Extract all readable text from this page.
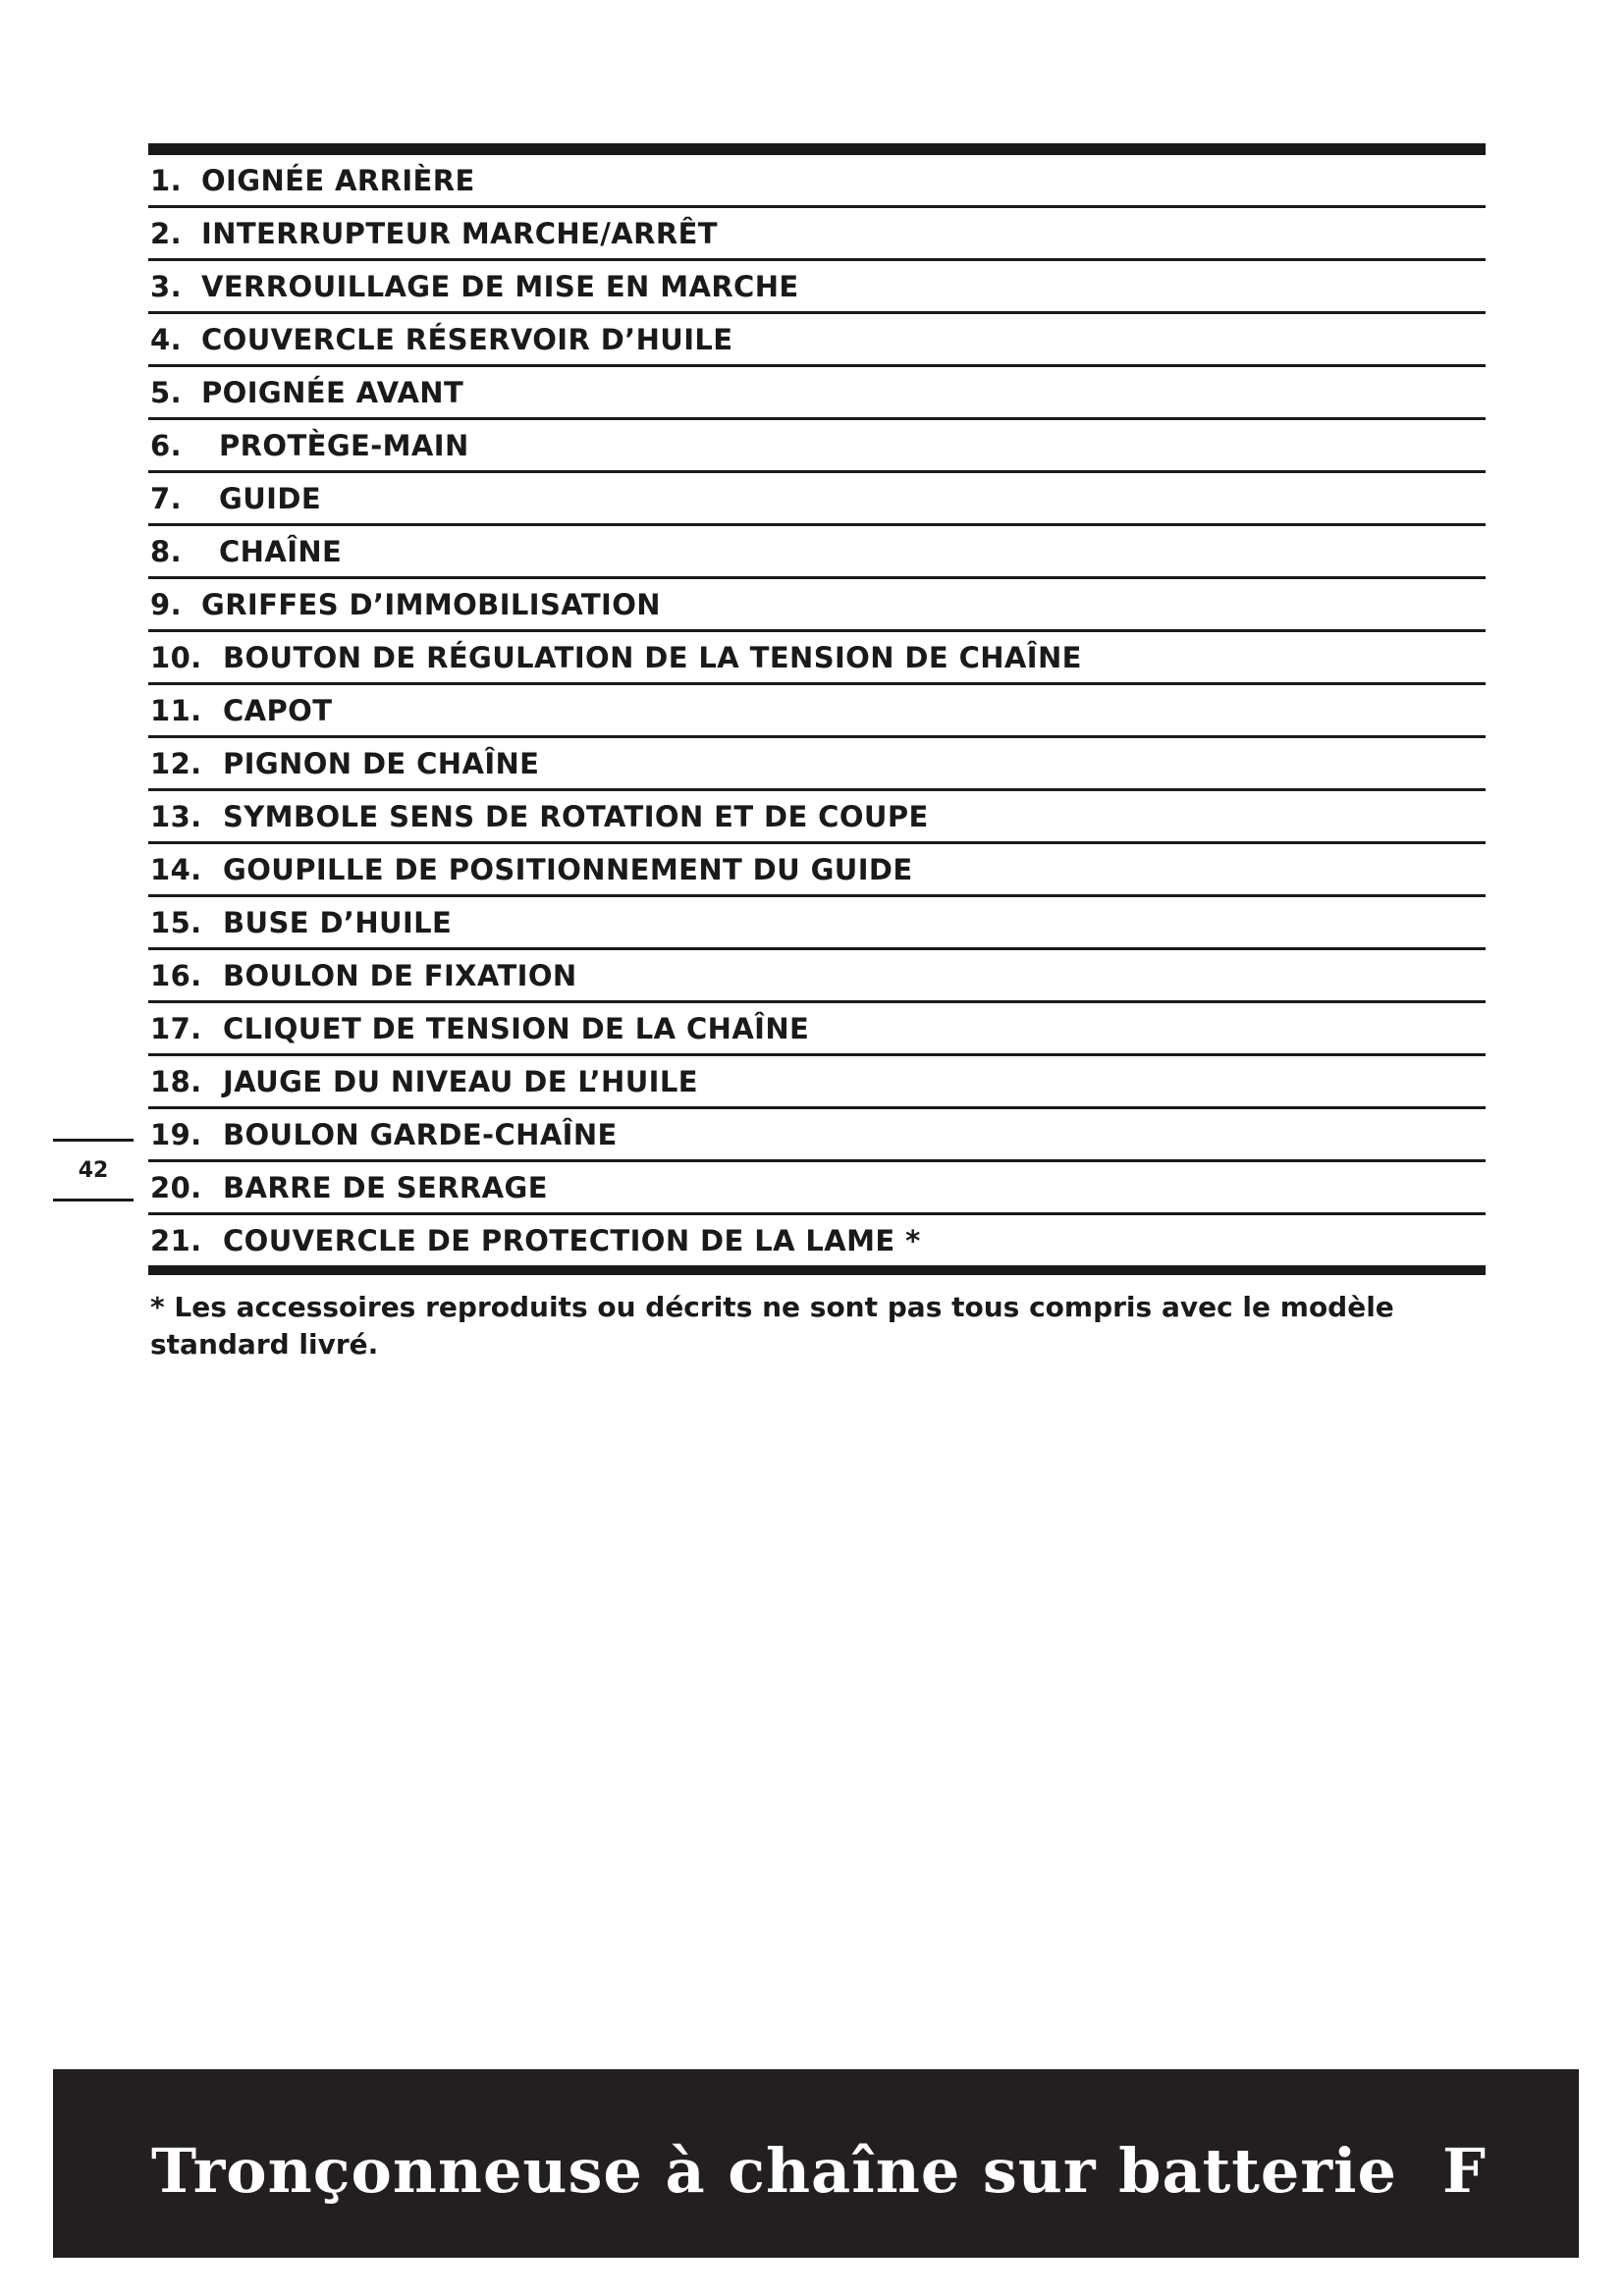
1. OIGNÉE ARRIÈRE
2. INTERRUPTEUR MARCHE/ARRÊT
3. VERROUILLAGE DE MISE EN MARCHE
4. COUVERCLE RÉSERVOIR D’HUILE
5. POIGNÉE AVANT
6.	PROTÈGE-MAIN
7.	GUIDE
8.	CHAÎNE
9. GRIFFES D’IMMOBILISATION
10. BOUTON DE RÉGULATION DE LA TENSION DE CHAÎNE
11. CAPOT
12. PIGNON DE CHAÎNE
13. SYMBOLE SENS DE ROTATION ET DE COUPE
14. GOUPILLE DE POSITIONNEMENT DU GUIDE
15. BUSE D’HUILE
16. BOULON DE FIXATION
17. CLIQUET DE TENSION DE LA CHAÎNE
18. JAUGE DU NIVEAU DE L’HUILE
19. BOULON GARDE-CHAÎNE
20. BARRE DE SERRAGE
21. COUVERCLE DE PROTECTION DE LA LAME *
* Les accessoires reproduits ou décrits ne sont pas tous compris avec le modèle standard livré.
42
Tronçonneuse à chaîne sur batterie F
